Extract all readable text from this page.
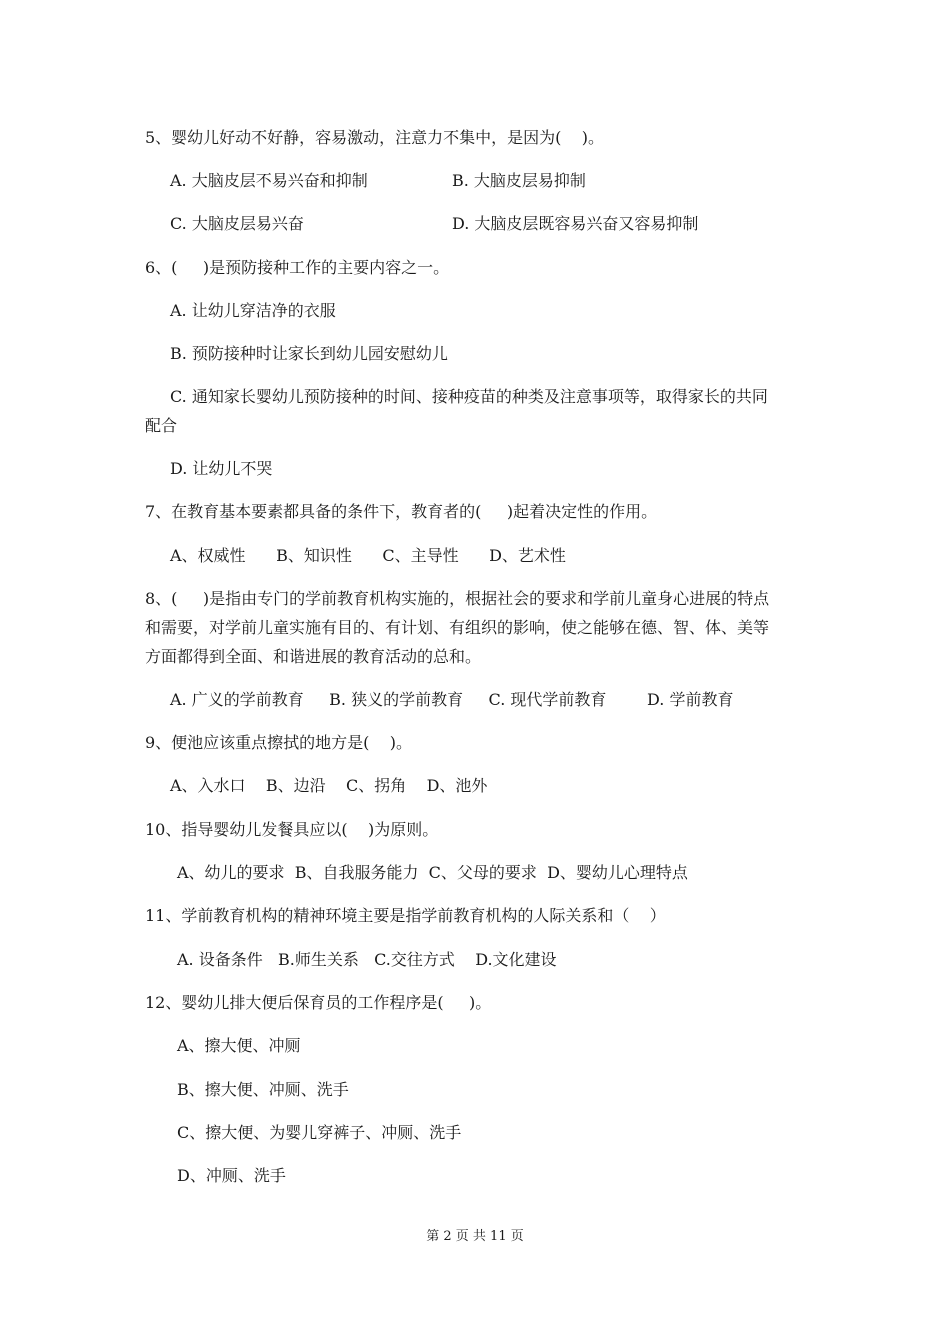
5、婴幼儿好动不好静，容易激动，注意力不集中，是因为(    )。
A. 大脑皮层不易兴奋和抑制	B. 大脑皮层易抑制
C. 大脑皮层易兴奋	D. 大脑皮层既容易兴奋又容易抑制
6、(     )是预防接种工作的主要内容之一。
A. 让幼儿穿洁净的衣服
B. 预防接种时让家长到幼儿园安慰幼儿
C. 通知家长婴幼儿预防接种的时间、接种疫苗的种类及注意事项等，取得家长的共同
配合
D. 让幼儿不哭
7、在教育基本要素都具备的条件下，教育者的(     )起着决定性的作用。
A、权威性      B、知识性      C、主导性      D、艺术性
8、(     )是指由专门的学前教育机构实施的，根据社会的要求和学前儿童身心进展的特点
和需要，对学前儿童实施有目的、有计划、有组织的影响，使之能够在德、智、体、美等
方面都得到全面、和谐进展的教育活动的总和。
A. 广义的学前教育     B. 狭义的学前教育     C. 现代学前教育        D. 学前教育
9、便池应该重点擦拭的地方是(    )。
A、入水口    B、边沿    C、拐角    D、池外
10、指导婴幼儿发餐具应以(    )为原则。
A、幼儿的要求  B、自我服务能力  C、父母的要求  D、婴幼儿心理特点
11、学前教育机构的精神环境主要是指学前教育机构的人际关系和（    ）
A. 设备条件   B.师生关系   C.交往方式    D.文化建设
12、婴幼儿排大便后保育员的工作程序是(     )。
A、擦大便、冲厕
B、擦大便、冲厕、洗手
C、擦大便、为婴儿穿裤子、冲厕、洗手
D、冲厕、洗手
第 2 页 共 11 页
